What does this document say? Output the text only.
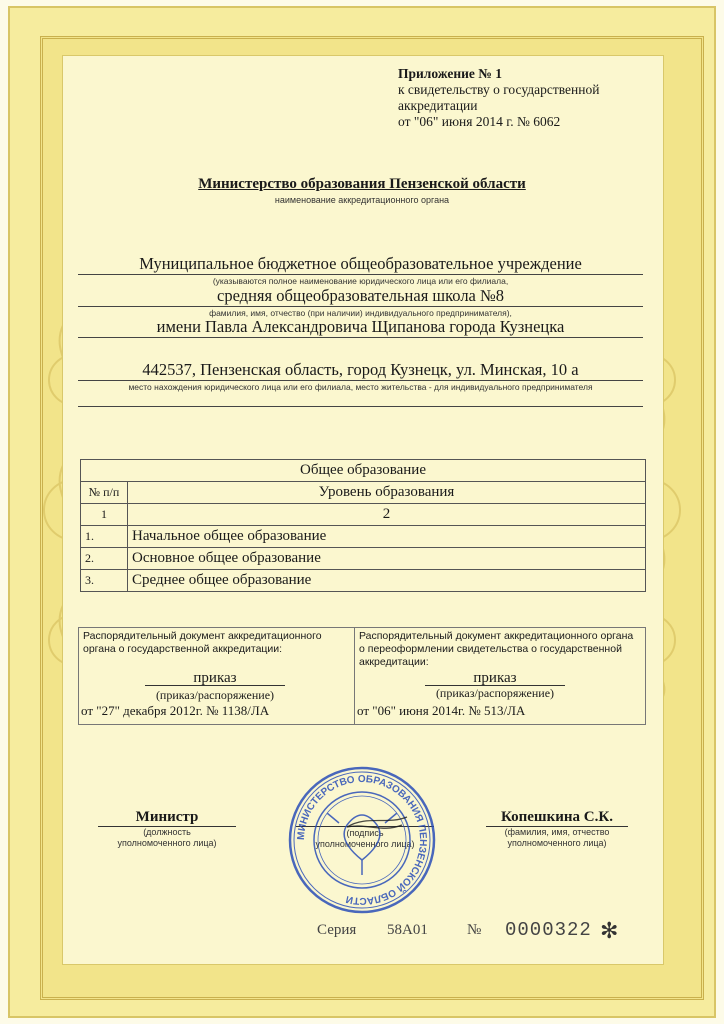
Приложение № 1
к свидетельству о государственной
аккредитации
от "06" июня 2014 г. № 6062
Министерство образования Пензенской области
наименование аккредитационного органа
Муниципальное бюджетное общеобразовательное учреждение
(указываются полное наименование юридического лица или его филиала,
средняя общеобразовательная школа №8
фамилия, имя, отчество (при наличии) индивидуального предпринимателя),
имени Павла Александровича Щипанова города Кузнецка
442537, Пензенская область, город Кузнецк, ул. Минская, 10 а
место нахождения юридического лица или его филиала, место жительства - для индивидуального предпринимателя
Общее образование	
№ п/п	Уровень образования
1	2
1.	Начальное общее образование
2.	Основное общее образование
3.	Среднее общее образование
Распорядительный документ аккредитационного органа о государственной аккредитации:
приказ
(приказ/распоряжение)
от "27" декабря 2012г. № 1138/ЛА
Распорядительный документ аккредитационного органа о переоформлении свидетельства о государственной аккредитации:
приказ
(приказ/распоряжение)
от "06" июня 2014г. № 513/ЛА
Министр
(должность
уполномоченного лица)
(подпись
уполномоченного лица)
Копешкина С.К.
(фамилия, имя, отчество
уполномоченного лица)
МИНИСТЕРСТВО ОБРАЗОВАНИЯ ПЕНЗЕНСКОЙ ОБЛАСТИ
Серия 58А01	№ 0000322 ✻
